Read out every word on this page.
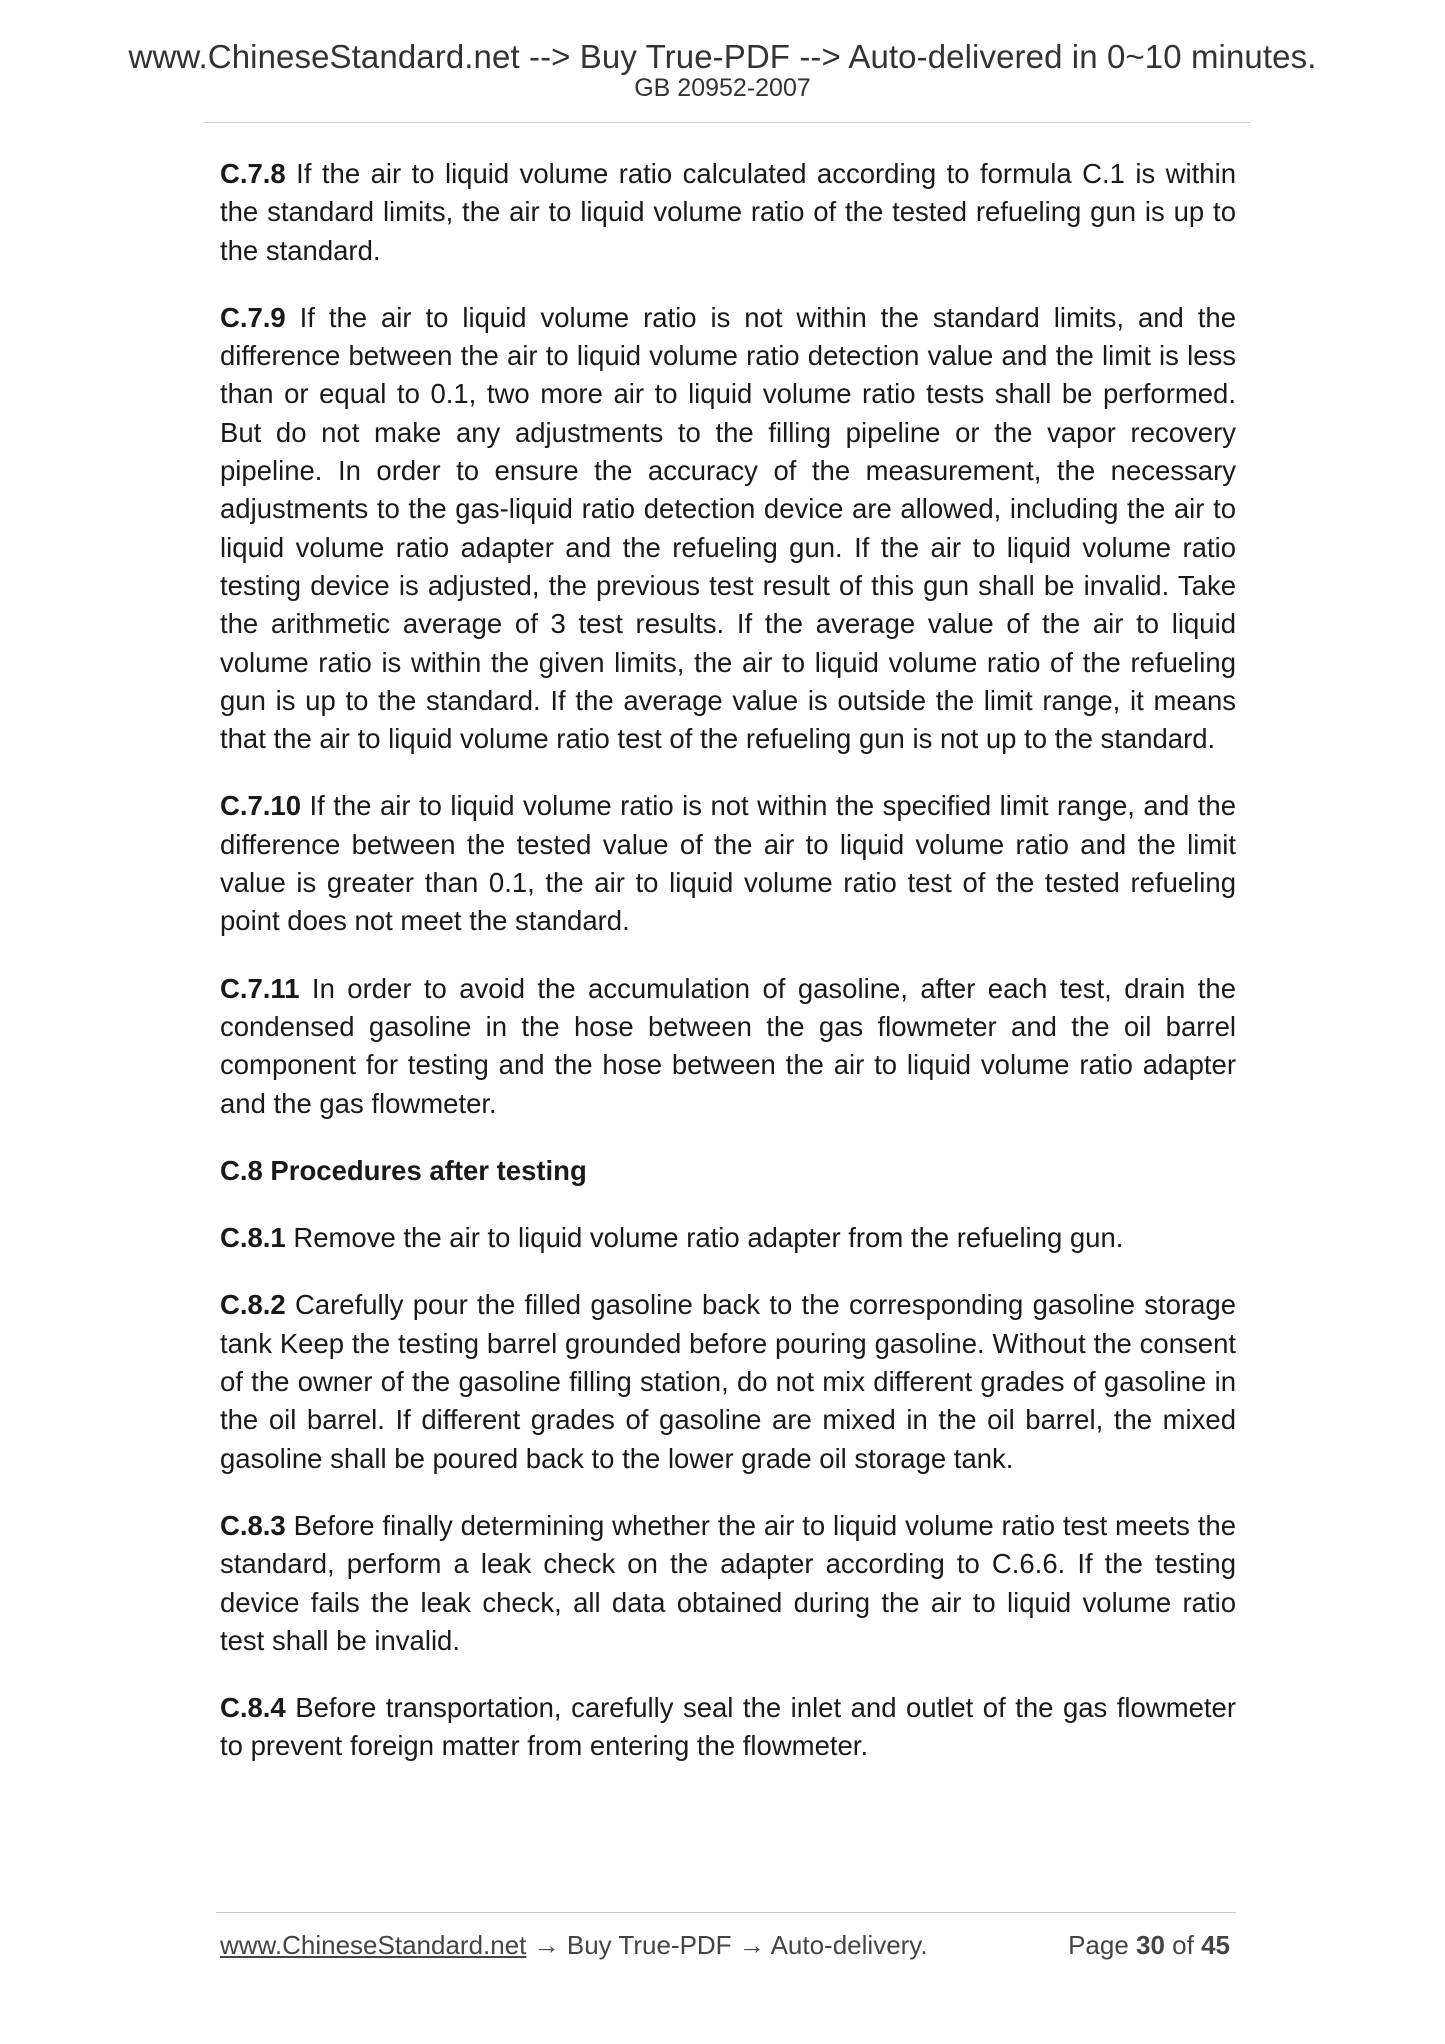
www.ChineseStandard.net --> Buy True-PDF --> Auto-delivered in 0~10 minutes.
GB 20952-2007

C.7.8 If the air to liquid volume ratio calculated according to formula C.1 is within the standard limits, the air to liquid volume ratio of the tested refueling gun is up to the standard.

C.7.9 If the air to liquid volume ratio is not within the standard limits, and the difference between the air to liquid volume ratio detection value and the limit is less than or equal to 0.1, two more air to liquid volume ratio tests shall be performed. But do not make any adjustments to the filling pipeline or the vapor recovery pipeline. In order to ensure the accuracy of the measurement, the necessary adjustments to the gas-liquid ratio detection device are allowed, including the air to liquid volume ratio adapter and the refueling gun. If the air to liquid volume ratio testing device is adjusted, the previous test result of this gun shall be invalid. Take the arithmetic average of 3 test results. If the average value of the air to liquid volume ratio is within the given limits, the air to liquid volume ratio of the refueling gun is up to the standard. If the average value is outside the limit range, it means that the air to liquid volume ratio test of the refueling gun is not up to the standard.

C.7.10 If the air to liquid volume ratio is not within the specified limit range, and the difference between the tested value of the air to liquid volume ratio and the limit value is greater than 0.1, the air to liquid volume ratio test of the tested refueling point does not meet the standard.

C.7.11 In order to avoid the accumulation of gasoline, after each test, drain the condensed gasoline in the hose between the gas flowmeter and the oil barrel component for testing and the hose between the air to liquid volume ratio adapter and the gas flowmeter.

C.8 Procedures after testing

C.8.1 Remove the air to liquid volume ratio adapter from the refueling gun.

C.8.2 Carefully pour the filled gasoline back to the corresponding gasoline storage tank Keep the testing barrel grounded before pouring gasoline. Without the consent of the owner of the gasoline filling station, do not mix different grades of gasoline in the oil barrel. If different grades of gasoline are mixed in the oil barrel, the mixed gasoline shall be poured back to the lower grade oil storage tank.

C.8.3 Before finally determining whether the air to liquid volume ratio test meets the standard, perform a leak check on the adapter according to C.6.6. If the testing device fails the leak check, all data obtained during the air to liquid volume ratio test shall be invalid.

C.8.4 Before transportation, carefully seal the inlet and outlet of the gas flowmeter to prevent foreign matter from entering the flowmeter.

www.ChineseStandard.net → Buy True-PDF → Auto-delivery.	Page 30 of 45
